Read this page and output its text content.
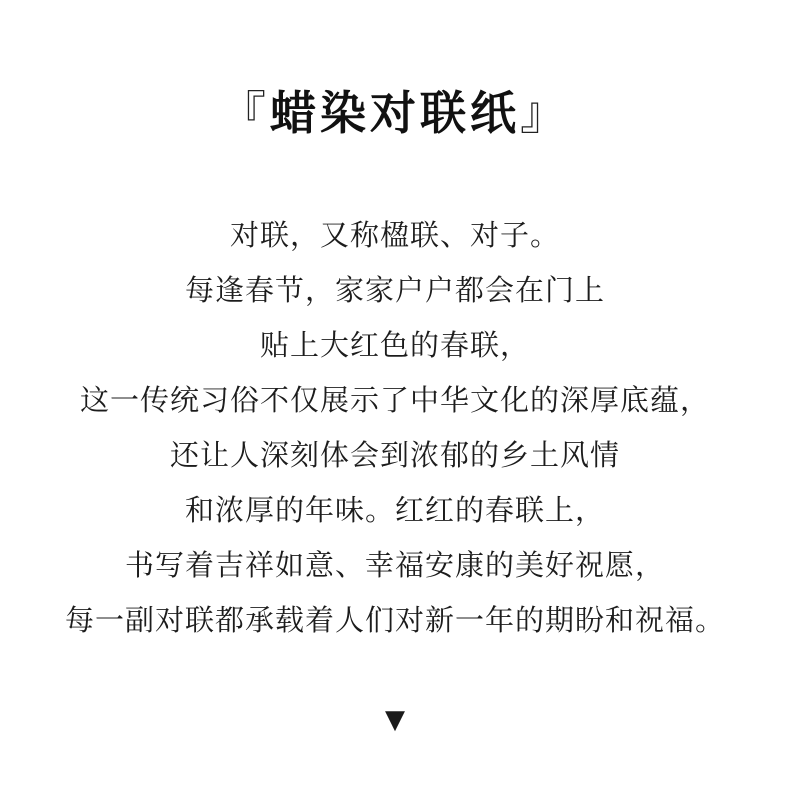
『蜡染对联纸』
对联，又称楹联、对子。
每逢春节，家家户户都会在门上
贴上大红色的春联，
这一传统习俗不仅展示了中华文化的深厚底蕴，
还让人深刻体会到浓郁的乡土风情
和浓厚的年味。红红的春联上，
书写着吉祥如意、幸福安康的美好祝愿，
每一副对联都承载着人们对新一年的期盼和祝福。
▼
